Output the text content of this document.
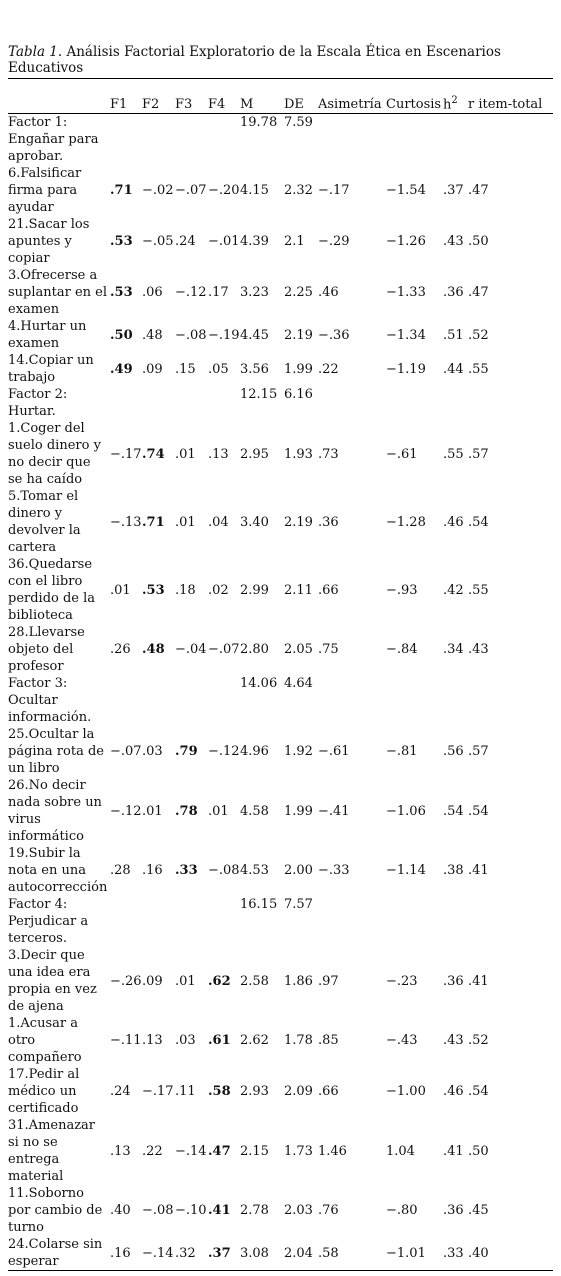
Tabla 1. Análisis Factorial Exploratorio de la Escala Ética en Escenarios Educativos
	F1	F2	F3	F4	M	DE	Asimetría	Curtosis	$h^2$	r item-total
Factor 1: Engañar para aprobar.					19.78	7.59				
6.Falsificar firma para ayudar	.71	−.02	−.07	−.20	4.15	2.32	−.17	−1.54	.37	.47
21.Sacar los apuntes y copiar	.53	−.05	.24	−.01	4.39	2.1	−.29	−1.26	.43	.50
3.Ofrecerse a suplantar en el examen	.53	.06	−.12	.17	3.23	2.25	.46	−1.33	.36	.47
4.Hurtar un examen	.50	.48	−.08	−.19	4.45	2.19	−.36	−1.34	.51	.52
14.Copiar un trabajo	.49	.09	.15	.05	3.56	1.99	.22	−1.19	.44	.55
Factor 2: Hurtar.					12.15	6.16				
1.Coger del suelo dinero y no decir que se ha caído	−.17	.74	.01	.13	2.95	1.93	.73	−.61	.55	.57
5.Tomar el dinero y devolver la cartera	−.13	.71	.01	.04	3.40	2.19	.36	−1.28	.46	.54
36.Quedarse con el libro perdido de la biblioteca	.01	.53	.18	.02	2.99	2.11	.66	−.93	.42	.55
28.Llevarse objeto del profesor	.26	.48	−.04	−.07	2.80	2.05	.75	−.84	.34	.43
Factor 3: Ocultar información.					14.06	4.64				
25.Ocultar la página rota de un libro	−.07	.03	.79	−.12	4.96	1.92	−.61	−.81	.56	.57
26.No decir nada sobre un virus informático	−.12	.01	.78	.01	4.58	1.99	−.41	−1.06	.54	.54
19.Subir la nota en una autocorrección	.28	.16	.33	−.08	4.53	2.00	−.33	−1.14	.38	.41
Factor 4: Perjudicar a terceros.					16.15	7.57				
3.Decir que una idea era propia en vez de ajena	−.26	.09	.01	.62	2.58	1.86	.97	−.23	.36	.41
1.Acusar a otro compañero	−.11	.13	.03	.61	2.62	1.78	.85	−.43	.43	.52
17.Pedir al médico un certificado	.24	−.17	.11	.58	2.93	2.09	.66	−1.00	.46	.54
31.Amenazar si no se entrega material	.13	.22	−.14	.47	2.15	1.73	1.46	1.04	.41	.50
11.Soborno por cambio de turno	.40	−.08	−.10	.41	2.78	2.03	.76	−.80	.36	.45
24.Colarse sin esperar	.16	−.14	.32	.37	3.08	2.04	.58	−1.01	.33	.40
